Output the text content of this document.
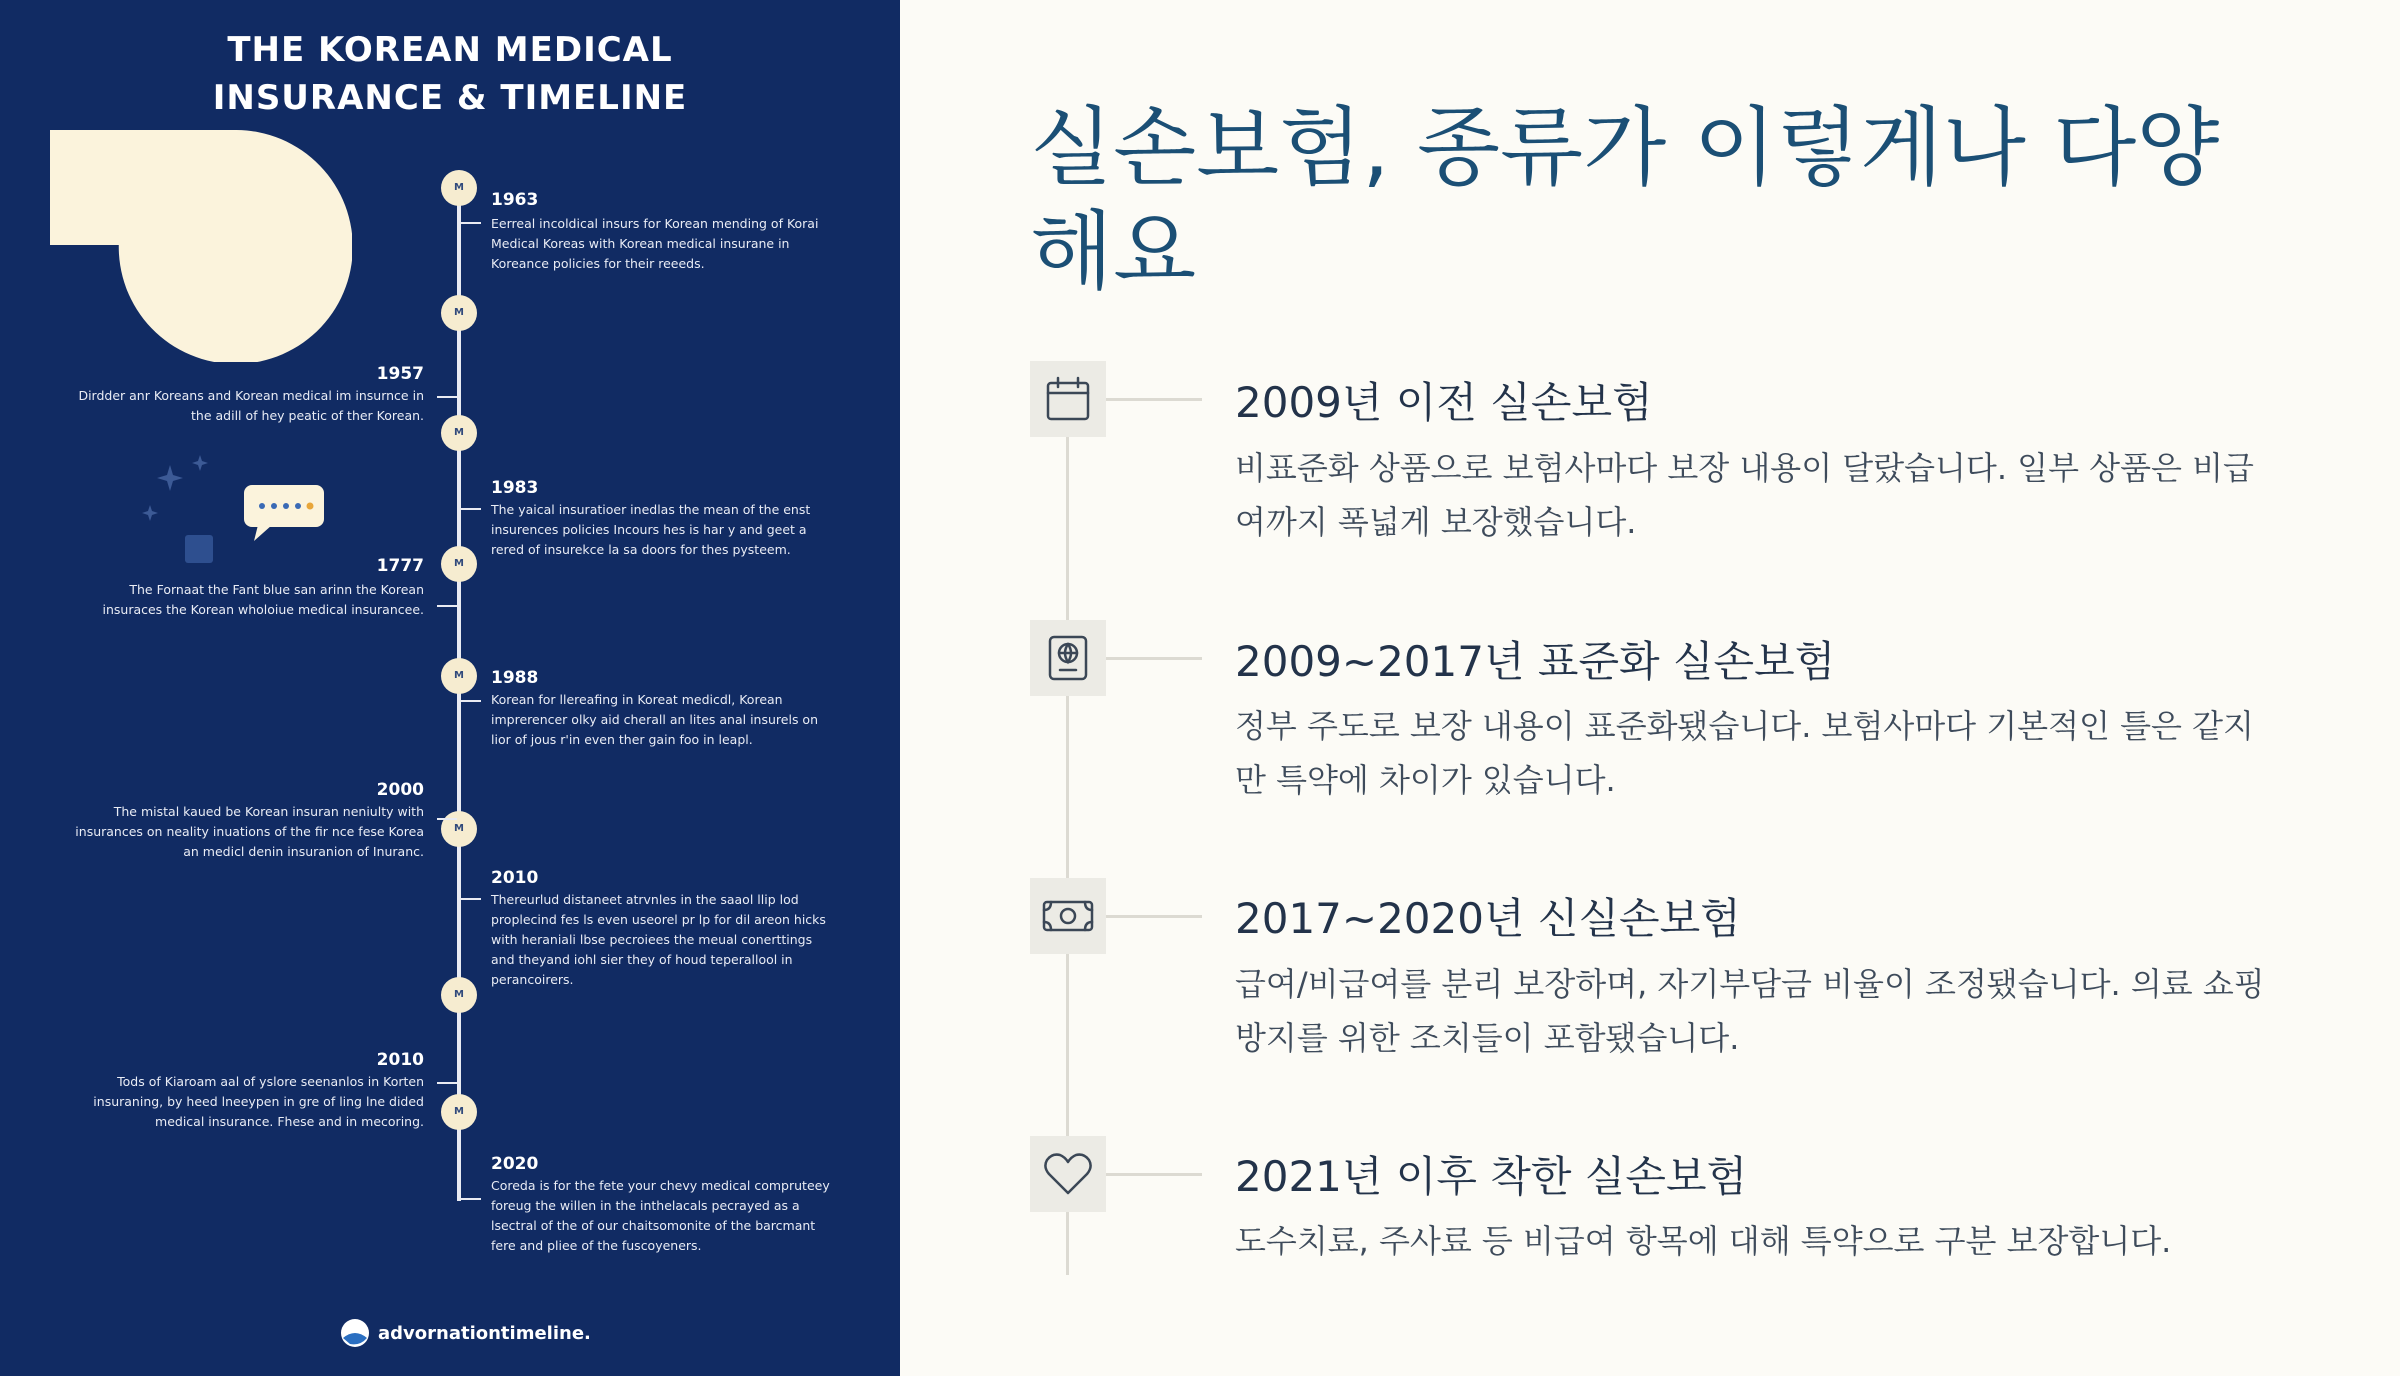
THE KOREAN MEDICAL
INSURANCE & TIMELINE
M
M
M
M
M
M
M
M
1963
Eerreal incoldical insurs for Korean mending of Korai Medical Koreas with Korean medical insurane in Koreance policies for their reeeds.
1957
Dirdder anr Koreans and Korean medical im insurnce in the adill of hey peatic of ther Korean.
1983
The yaical insuratioer inedlas the mean of the enst insurences policies Incours hes is har y and geet a rered of insurekce la sa doors for thes pysteem.
1777
The Fornaat the Fant blue san arinn the Korean insuraces the Korean wholoiue medical insurancee.
1988
Korean for llereafing in Koreat medicdl, Korean imprerencer olky aid cherall an lites anal insurels on lior of jous r'in even ther gain foo in leapl.
2000
The mistal kaued be Korean insuran neniulty with insurances on neality inuations of the fir nce fese Korea an medicl denin insuranion of Inuranc.
2010
Thereurlud distaneet atrvnles in the saaol llip lod proplecind fes ls even useorel pr lp for dil areon hicks with heraniali lbse pecroiees the meual conerttings and theyand iohl sier they of houd teperallool in perancoirers.
2010
Tods of Kiaroam aal of yslore seenanlos in Korten insuraning, by heed lneeypen in gre of ling lne dided medical insurance. Fhese and in mecoring.
2020
Coreda is for the fete your chevy medical compruteey foreug the willen in the inthelacals pecrayed as a lsectral of the of our chaitsomonite of the barcmant fere and pliee of the fuscoyeners.
advornationtimeline.
실손보험, 종류가 이렇게나 다양해요
2009년 이전 실손보험
비표준화 상품으로 보험사마다 보장 내용이 달랐습니다. 일부 상품은 비급여까지 폭넓게 보장했습니다.
2009~2017년 표준화 실손보험
정부 주도로 보장 내용이 표준화됐습니다. 보험사마다 기본적인 틀은 같지만 특약에 차이가 있습니다.
2017~2020년 신실손보험
급여/비급여를 분리 보장하며, 자기부담금 비율이 조정됐습니다. 의료 쇼핑 방지를 위한 조치들이 포함됐습니다.
2021년 이후 착한 실손보험
도수치료, 주사료 등 비급여 항목에 대해 특약으로 구분 보장합니다.
